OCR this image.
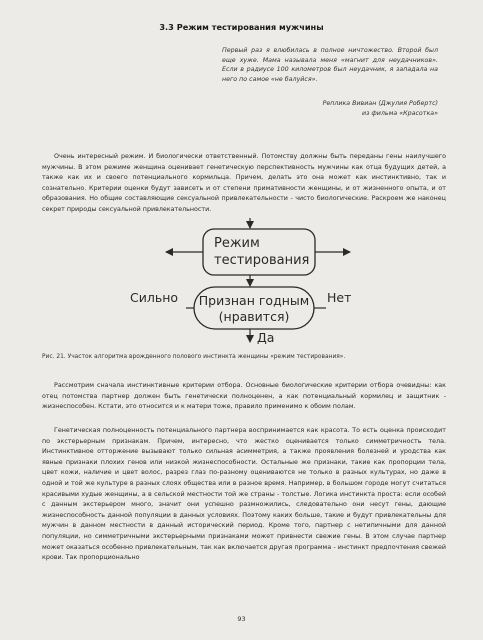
3.3 Режим тестирования мужчины
Первый раз я влюбилась в полное ничтожество. Второй был еще хуже. Мама называла меня «магнит для неудачников». Если в радиусе 100 километров был неудачник, я западала на него по самое «не балуйся».
Реплика Вивиан (Джулия Робертс)
из фильма «Красотка»

Очень интересный режим. И биологически ответственный. Потомству должны быть переданы гены наилучшего мужчины. В этом режиме женщина оценивает генетическую перспективность мужчины как отца будущих детей, а также как их и своего потенциального кормильца. Причем, делать это она может как инстинктивно, так и сознательно. Критерии оценки будут зависеть и от степени примативности женщины, и от жизненного опыта, и от образования. Но общие составляющие сексуальной привлекательности - чисто биологические. Раскроем же наконец секрет природы сексуальной привлекательности.

Режим
тестирования
Признан годным
(нравится)
Сильно	Нет
Да
Рис. 21. Участок алгоритма врожденного полового инстинкта женщины «режим тестирования».

Рассмотрим сначала инстинктивные критерии отбора. Основные биологические критерии отбора очевидны: как отец потомства партнер должен быть генетически полноценен, а как потенциальный кормилец и защитник - жизнеспособен. Кстати, это относится и к матери тоже, правило применимо к обоим полам.

Генетическая полноценность потенциального партнера воспринимается как красота. То есть оценка происходит по экстерьерным признакам. Причем, интересно, что жестко оценивается только симметричность тела. Инстинктивное отторжение вызывают только сильная асимметрия, а также проявления болезней и уродства как явные признаки плохих генов или низкой жизнеспособности. Остальные же признаки, такие как пропорции тела, цвет кожи, наличие и цвет волос, разрез глаз по-разному оцениваются не только в разных культурах, но даже в одной и той же культуре в разных слоях общества или в разное время. Например, в большом городе могут считаться красивыми худые женщины, а в сельской местности той же страны - толстые. Логика инстинкта проста: если особей с данным экстерьером много, значит они успешно размножились, следовательно они несут гены, дающие жизнеспособность данной популяции в данных условиях. Поэтому каких больше, такие и будут привлекательны для мужчин в данном местности в данный исторический период. Кроме того, партнер с нетипичными для данной популяции, но симметричными экстерьерными признаками может привнести свежие гены. В этом случае партнер может оказаться особенно привлекательным, так как включается другая программа - инстинкт предпочтения свежей крови. Так пропорционально

93
